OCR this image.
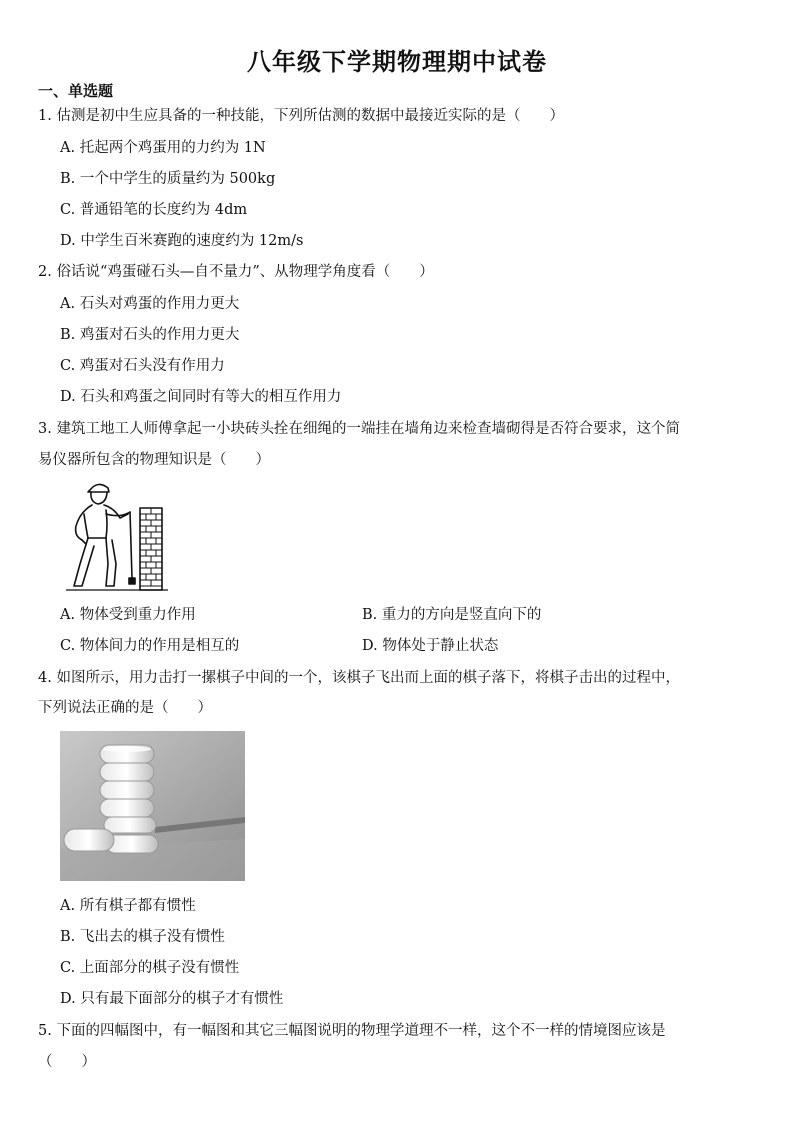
八年级下学期物理期中试卷
一、单选题
1. 估测是初中生应具备的一种技能，下列所估测的数据中最接近实际的是（　　）
A. 托起两个鸡蛋用的力约为 1N
B. 一个中学生的质量约为 500kg
C. 普通铅笔的长度约为 4dm
D. 中学生百米赛跑的速度约为 12m/s
2. 俗话说“鸡蛋碰石头—自不量力”、从物理学角度看（　　）
A. 石头对鸡蛋的作用力更大
B. 鸡蛋对石头的作用力更大
C. 鸡蛋对石头没有作用力
D. 石头和鸡蛋之间同时有等大的相互作用力
3. 建筑工地工人师傅拿起一小块砖头拴在细绳的一端挂在墙角边来检查墙砌得是否符合要求，这个简
易仪器所包含的物理知识是（　　）
A. 物体受到重力作用	B. 重力的方向是竖直向下的
C. 物体间力的作用是相互的	D. 物体处于静止状态
4. 如图所示，用力击打一摞棋子中间的一个，该棋子飞出而上面的棋子落下，将棋子击出的过程中，
下列说法正确的是（　　）
A. 所有棋子都有惯性
B. 飞出去的棋子没有惯性
C. 上面部分的棋子没有惯性
D. 只有最下面部分的棋子才有惯性
5. 下面的四幅图中，有一幅图和其它三幅图说明的物理学道理不一样，这个不一样的情境图应该是
（　　）
